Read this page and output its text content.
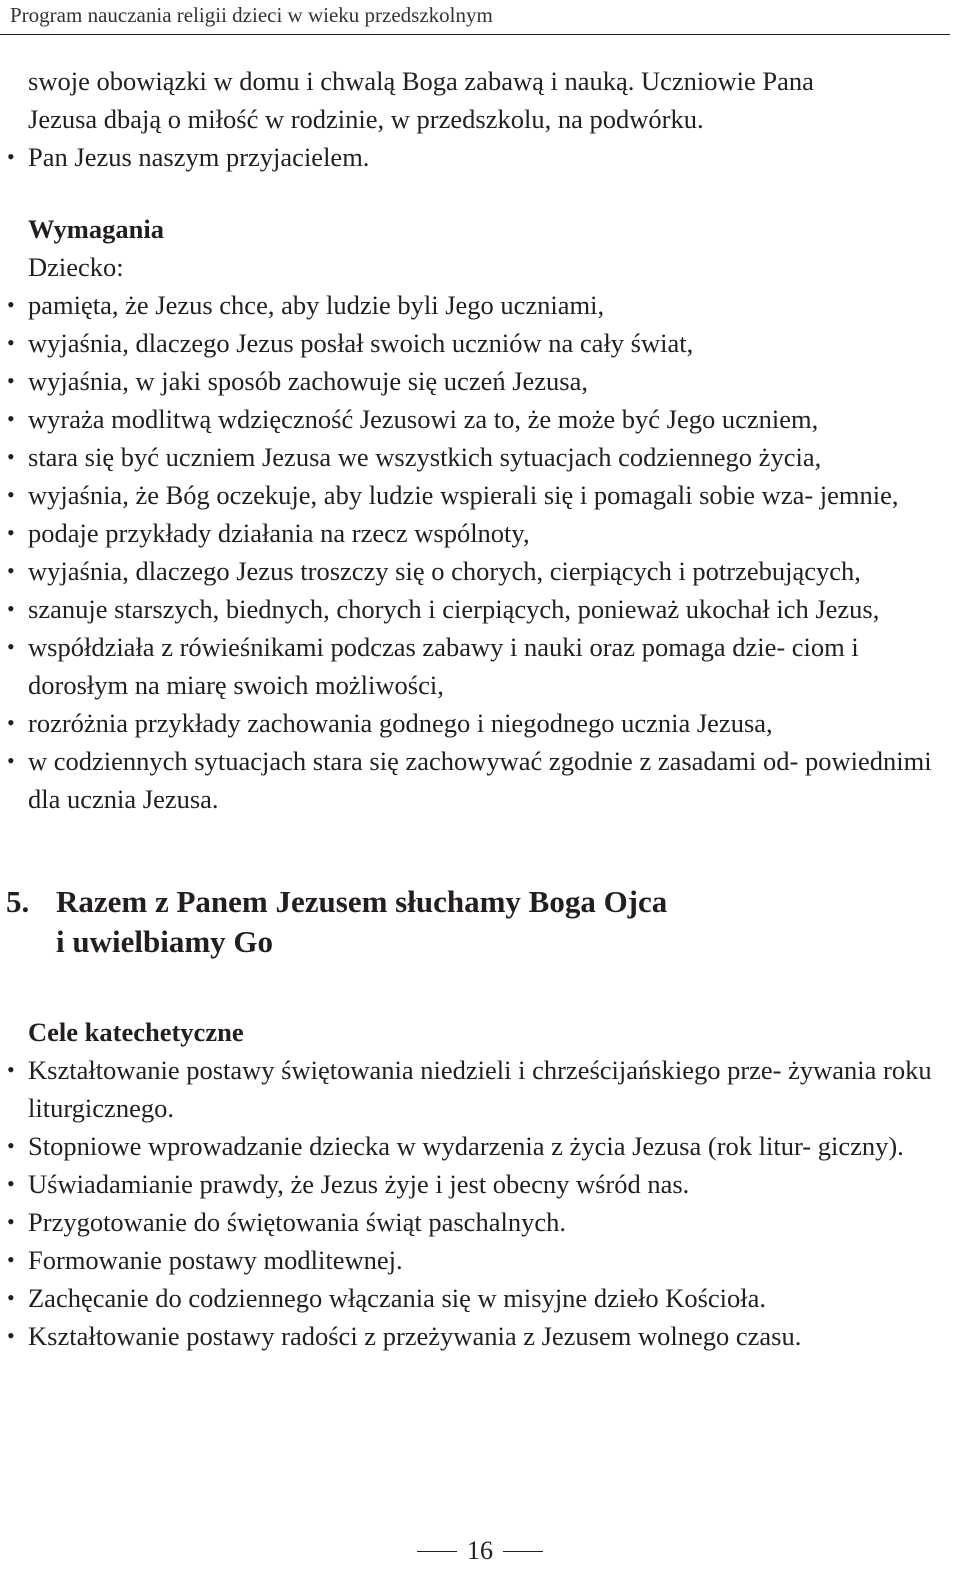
Program nauczania religii dzieci w wieku przedszkolnym

swoje obowiązki w domu i chwalą Boga zabawą i nauką. Uczniowie Pana

Jezusa dbają o miłość w rodzinie, w przedszkolu, na podwórku.

• Pan Jezus naszym przyjacielem.

Wymagania

Dziecko:

• pamięta, że Jezus chce, aby ludzie byli Jego uczniami,
• wyjaśnia, dlaczego Jezus posłał swoich uczniów na cały świat,
• wyjaśnia, w jaki sposób zachowuje się uczeń Jezusa,
• wyraża modlitwą wdzięczność Jezusowi za to, że może być Jego uczniem,
• stara się być uczniem Jezusa we wszystkich sytuacjach codziennego życia,
• wyjaśnia, że Bóg oczekuje, aby ludzie wspierali się i pomagali sobie wza- jemnie,
• podaje przykłady działania na rzecz wspólnoty,
• wyjaśnia, dlaczego Jezus troszczy się o chorych, cierpiących i potrzebujących,
• szanuje starszych, biednych, chorych i cierpiących, ponieważ ukochał ich Jezus,
• współdziała z rówieśnikami podczas zabawy i nauki oraz pomaga dzie- ciom i dorosłym na miarę swoich możliwości,
• rozróżnia przykłady zachowania godnego i niegodnego ucznia Jezusa,
• w codziennych sytuacjach stara się zachowywać zgodnie z zasadami od- powiednimi dla ucznia Jezusa.
5. Razem z Panem Jezusem słuchamy Boga Ojca
i uwielbiamy Go

Cele katechetyczne

• Kształtowanie postawy świętowania niedzieli i chrześcijańskiego prze- żywania roku liturgicznego.
• Stopniowe wprowadzanie dziecka w wydarzenia z życia Jezusa (rok litur- giczny).
• Uświadamianie prawdy, że Jezus żyje i jest obecny wśród nas.
• Przygotowanie do świętowania świąt paschalnych.
• Formowanie postawy modlitewnej.
• Zachęcanie do codziennego włączania się w misyjne dzieło Kościoła.
• Kształtowanie postawy radości z przeżywania z Jezusem wolnego czasu.
16
